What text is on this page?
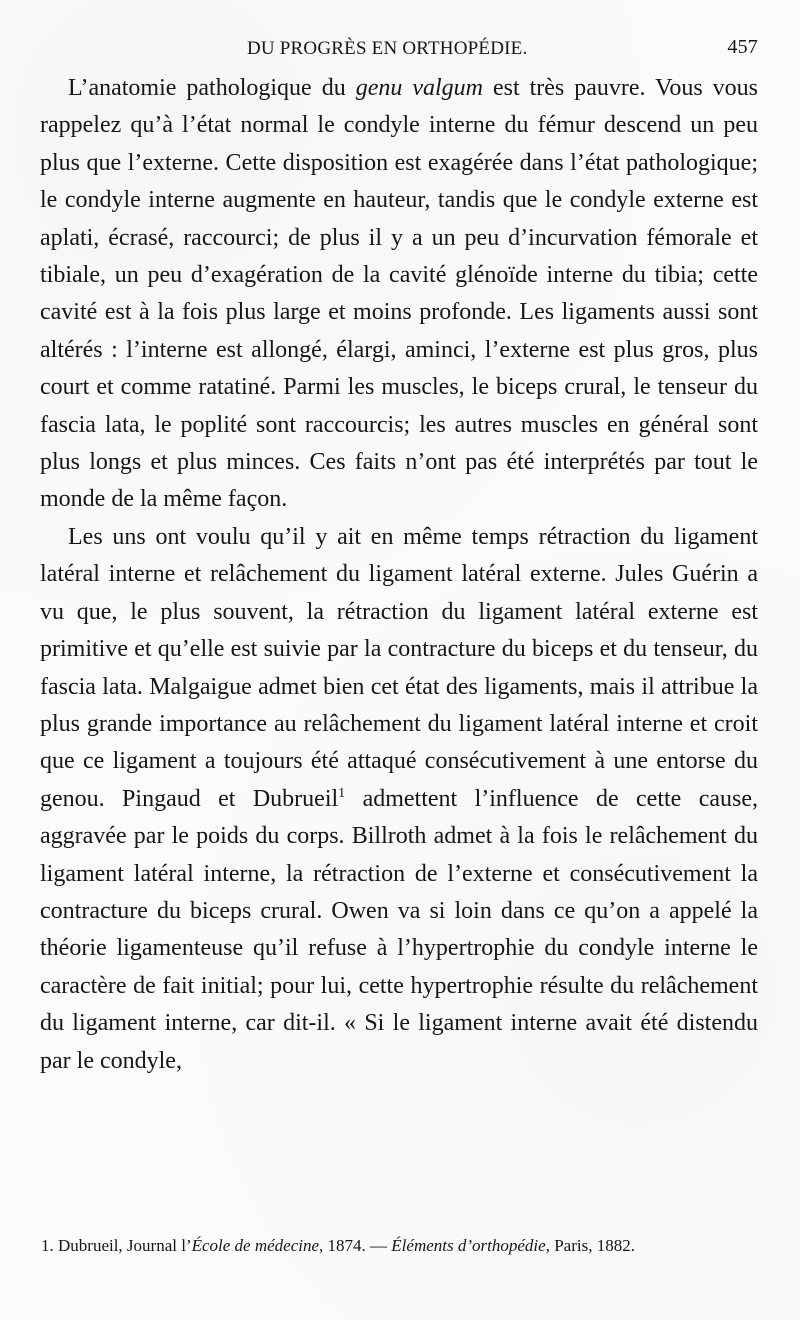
DU PROGRÈS EN ORTHOPÉDIE.	457

L’anatomie pathologique du genu valgum est très pauvre. Vous vous rappelez qu’à l’état normal le condyle interne du fémur descend un peu plus que l’externe. Cette disposition est exagérée dans l’état pathologique; le condyle interne augmente en hauteur, tandis que le condyle externe est aplati, écrasé, raccourci; de plus il y a un peu d’incurvation fémorale et tibiale, un peu d’exagération de la cavité glénoïde interne du tibia; cette cavité est à la fois plus large et moins profonde. Les ligaments aussi sont altérés : l’interne est allongé, élargi, aminci, l’externe est plus gros, plus court et comme ratatiné. Parmi les muscles, le biceps crural, le tenseur du fascia lata, le poplité sont raccourcis; les autres muscles en général sont plus longs et plus minces. Ces faits n’ont pas été interprétés par tout le monde de la même façon.

Les uns ont voulu qu’il y ait en même temps rétraction du ligament latéral interne et relâchement du ligament latéral externe. Jules Guérin a vu que, le plus souvent, la rétraction du ligament latéral externe est primitive et qu’elle est suivie par la contracture du biceps et du tenseur, du fascia lata. Malgaigue admet bien cet état des ligaments, mais il attribue la plus grande importance au relâchement du ligament latéral interne et croit que ce ligament a toujours été attaqué consécutivement à une entorse du genou. Pingaud et Dubrueil$^1$ admettent l’influence de cette cause, aggravée par le poids du corps. Billroth admet à la fois le relâchement du ligament latéral interne, la rétraction de l’externe et consécutivement la contracture du biceps crural. Owen va si loin dans ce qu’on a appelé la théorie ligamenteuse qu’il refuse à l’hypertrophie du condyle interne le caractère de fait initial; pour lui, cette hypertrophie résulte du relâchement du ligament interne, car dit-il. « Si le ligament interne avait été distendu par le condyle,

1. Dubrueil, Journal l’École de médecine, 1874. — Éléments d’orthopédie, Paris, 1882.
